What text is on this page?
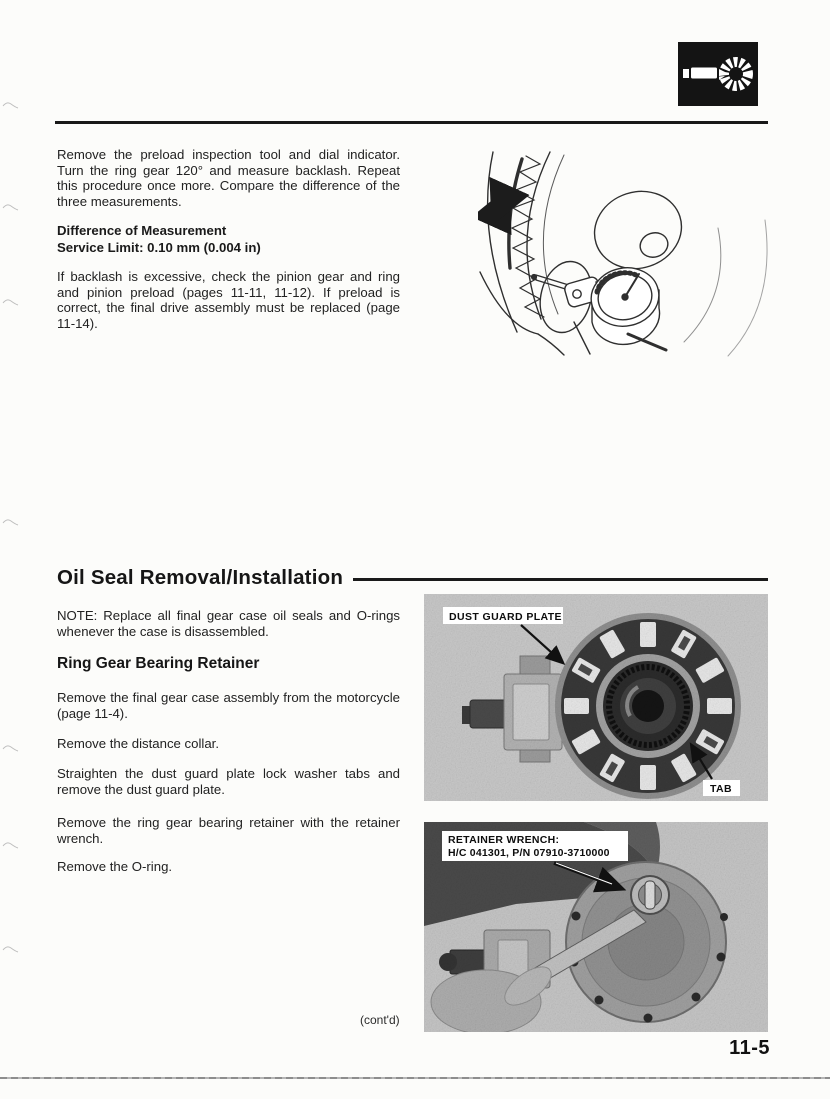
Remove the preload inspection tool and dial indicator. Turn the ring gear 120° and measure backlash. Repeat this procedure once more. Compare the difference of the three measurements.
Difference of Measurement
Service Limit: 0.10 mm (0.004 in)
If backlash is excessive, check the pinion gear and ring and pinion preload (pages 11-11, 11-12). If preload is correct, the final drive assembly must be replaced (page 11-14).
Oil Seal Removal/Installation
NOTE: Replace all final gear case oil seals and O-rings whenever the case is disassembled.
Ring Gear Bearing Retainer
Remove the final gear case assembly from the motorcycle (page 11-4).
Remove the distance collar.
Straighten the dust guard plate lock washer tabs and remove the dust guard plate.
Remove the ring gear bearing retainer with the retainer wrench.
Remove the O-ring.
DUST GUARD PLATE
TAB
RETAINER WRENCH:
H/C 041301, P/N 07910-3710000
(cont'd)
11-5
